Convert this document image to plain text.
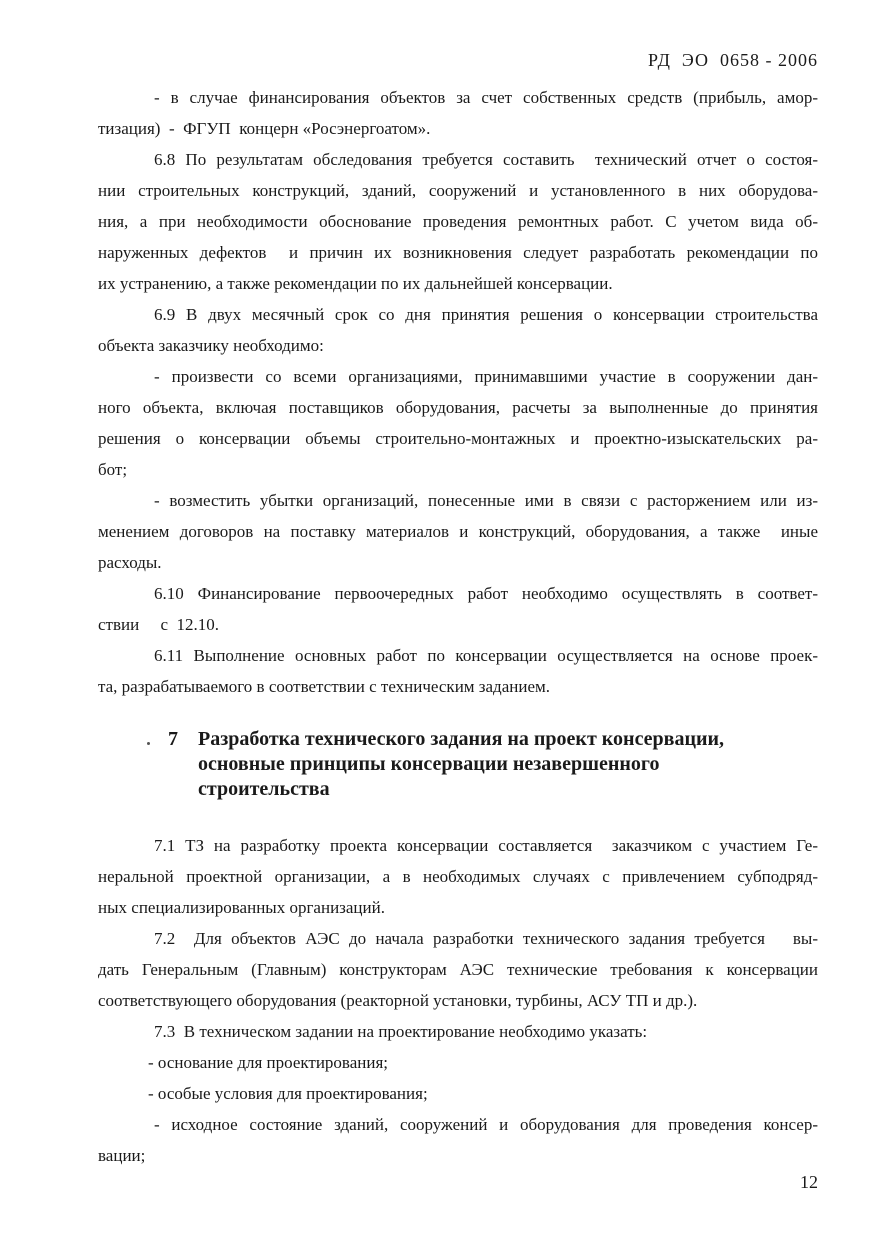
РД  ЭО  0658 - 2006
- в случае финансирования объектов за счет собственных средств (прибыль, амор-
тизация)  -  ФГУП  концерн «Росэнергоатом».
6.8 По результатам обследования требуется составить  технический отчет о состоя-
нии строительных конструкций, зданий, сооружений и установленного в них оборудова-
ния, а при необходимости обоснование проведения ремонтных работ. С учетом вида об-
наруженных дефектов  и причин их возникновения следует разработать рекомендации по
их устранению, а также рекомендации по их дальнейшей консервации.
6.9 В двух месячный срок со дня принятия решения о консервации строительства
объекта заказчику необходимо:
- произвести со всеми организациями, принимавшими участие в сооружении дан-
ного объекта, включая поставщиков оборудования, расчеты за выполненные до принятия
решения о консервации объемы строительно-монтажных и проектно-изыскательских ра-
бот;
- возместить убытки организаций, понесенные ими в связи с расторжением или из-
менением договоров на поставку материалов и конструкций, оборудования, а также  иные
расходы.
6.10 Финансирование первоочередных работ необходимо осуществлять в соответ-
ствии     с  12.10.
6.11 Выполнение основных работ по консервации осуществляется на основе проек-
та, разрабатываемого в соответствии с техническим заданием.
7	Разработка технического задания на проект консервации,
основные принципы консервации незавершенного
строительства
7.1 ТЗ на разработку проекта консервации составляется  заказчиком с участием Ге-
неральной проектной организации, а в необходимых случаях с привлечением субподряд-
ных специализированных организаций.
7.2  Для объектов АЭС до начала разработки технического задания требуется   вы-
дать Генеральным (Главным) конструкторам АЭС технические требования к консервации
соответствующего оборудования (реакторной установки, турбины, АСУ ТП и др.).
7.3  В техническом задании на проектирование необходимо указать:
- основание для проектирования;
- особые условия для проектирования;
- исходное состояние зданий, сооружений и оборудования для проведения консер-
вации;
12
